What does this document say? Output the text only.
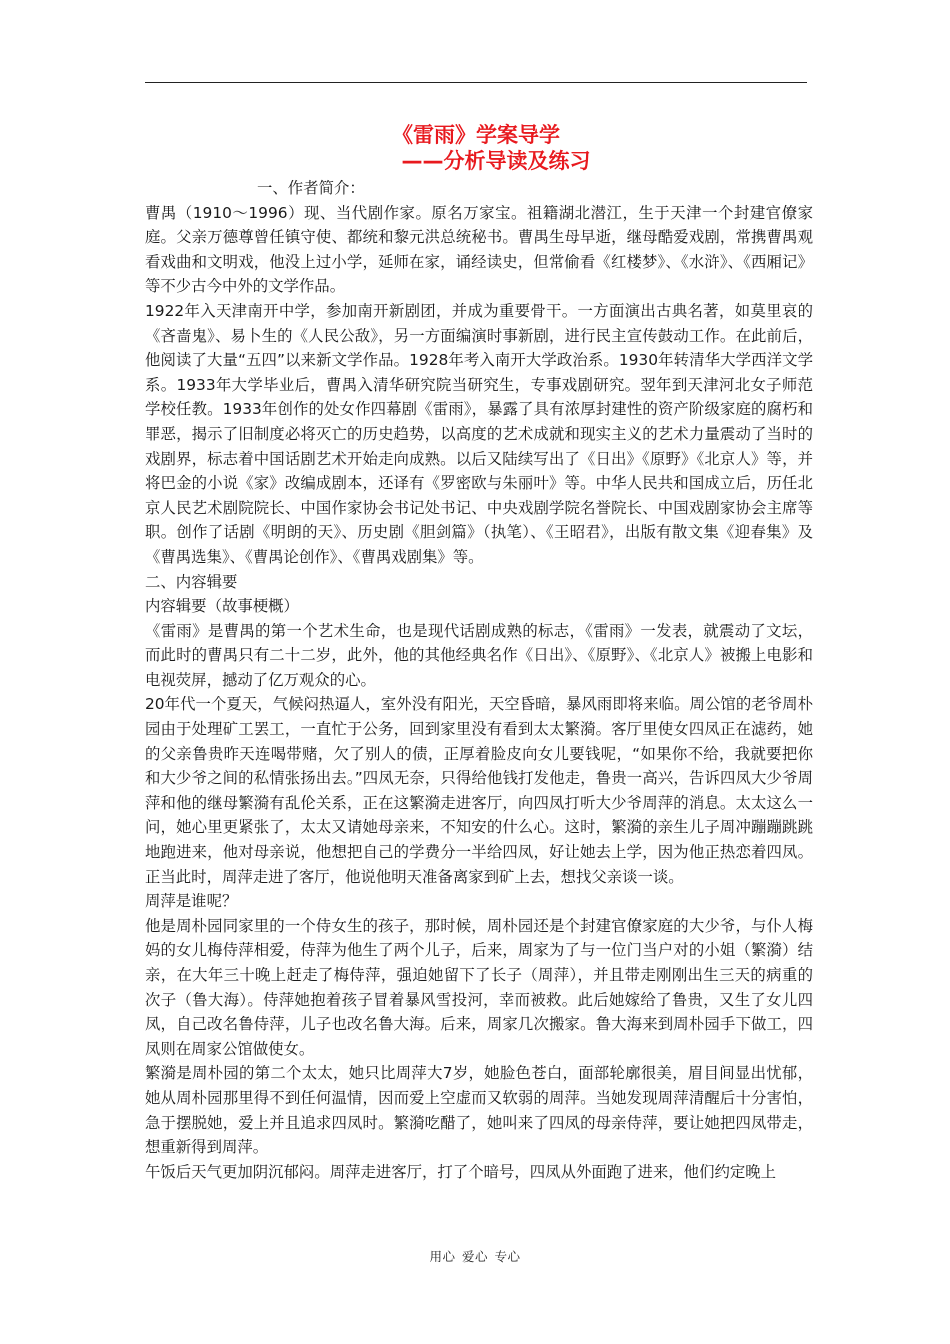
《雷雨》学案导学
——分析导读及练习

一、作者简介：

曹禺（1910～1996）现、当代剧作家。原名万家宝。祖籍湖北潜江，生于天津一个封建官僚家庭。父亲万德尊曾任镇守使、都统和黎元洪总统秘书。曹禺生母早逝，继母酷爱戏剧，常携曹禺观看戏曲和文明戏，他没上过小学，延师在家，诵经读史，但常偷看《红楼梦》、《水浒》、《西厢记》等不少古今中外的文学作品。

1922年入天津南开中学，参加南开新剧团，并成为重要骨干。一方面演出古典名著，如莫里哀的《吝啬鬼》、易卜生的《人民公敌》，另一方面编演时事新剧，进行民主宣传鼓动工作。在此前后，他阅读了大量“五四”以来新文学作品。1928年考入南开大学政治系。1930年转清华大学西洋文学系。1933年大学毕业后，曹禺入清华研究院当研究生，专事戏剧研究。翌年到天津河北女子师范学校任教。1933年创作的处女作四幕剧《雷雨》，暴露了具有浓厚封建性的资产阶级家庭的腐朽和罪恶，揭示了旧制度必将灭亡的历史趋势，以高度的艺术成就和现实主义的艺术力量震动了当时的戏剧界，标志着中国话剧艺术开始走向成熟。以后又陆续写出了《日出》《原野》《北京人》等，并将巴金的小说《家》改编成剧本，还译有《罗密欧与朱丽叶》等。中华人民共和国成立后，历任北京人民艺术剧院院长、中国作家协会书记处书记、中央戏剧学院名誉院长、中国戏剧家协会主席等职。创作了话剧《明朗的天》、历史剧《胆剑篇》（执笔）、《王昭君》，出版有散文集《迎春集》及《曹禺选集》、《曹禺论创作》、《曹禺戏剧集》等。

二、内容辑要

内容辑要（故事梗概）

《雷雨》是曹禺的第一个艺术生命，也是现代话剧成熟的标志，《雷雨》一发表，就震动了文坛，而此时的曹禺只有二十二岁，此外，他的其他经典名作《日出》、《原野》、《北京人》被搬上电影和电视荧屏，撼动了亿万观众的心。

20年代一个夏天，气候闷热逼人，室外没有阳光，天空昏暗，暴风雨即将来临。周公馆的老爷周朴园由于处理矿工罢工，一直忙于公务，回到家里没有看到太太繁漪。客厅里使女四凤正在滤药，她的父亲鲁贵昨天连喝带赌，欠了别人的债，正厚着脸皮向女儿要钱呢，“如果你不给，我就要把你和大少爷之间的私情张扬出去。”四凤无奈，只得给他钱打发他走，鲁贵一高兴，告诉四凤大少爷周萍和他的继母繁漪有乱伦关系，正在这繁漪走进客厅，向四凤打听大少爷周萍的消息。太太这么一问，她心里更紧张了，太太又请她母亲来，不知安的什么心。这时，繁漪的亲生儿子周冲蹦蹦跳跳地跑进来，他对母亲说，他想把自己的学费分一半给四凤，好让她去上学，因为他正热恋着四凤。正当此时，周萍走进了客厅，他说他明天准备离家到矿上去，想找父亲谈一谈。

周萍是谁呢？

他是周朴园同家里的一个侍女生的孩子，那时候，周朴园还是个封建官僚家庭的大少爷，与仆人梅妈的女儿梅侍萍相爱，侍萍为他生了两个儿子，后来，周家为了与一位门当户对的小姐（繁漪）结亲，在大年三十晚上赶走了梅侍萍，强迫她留下了长子（周萍），并且带走刚刚出生三天的病重的次子（鲁大海）。侍萍她抱着孩子冒着暴风雪投河，幸而被救。此后她嫁给了鲁贵，又生了女儿四凤，自己改名鲁侍萍，儿子也改名鲁大海。后来，周家几次搬家。鲁大海来到周朴园手下做工，四凤则在周家公馆做使女。

繁漪是周朴园的第二个太太，她只比周萍大7岁，她脸色苍白，面部轮廓很美，眉目间显出忧郁，她从周朴园那里得不到任何温情，因而爱上空虚而又软弱的周萍。当她发现周萍清醒后十分害怕，急于摆脱她，爱上并且追求四凤时。繁漪吃醋了，她叫来了四凤的母亲侍萍，要让她把四凤带走，想重新得到周萍。

午饭后天气更加阴沉郁闷。周萍走进客厅，打了个暗号，四凤从外面跑了进来，他们约定晚上

用心 爱心 专心
